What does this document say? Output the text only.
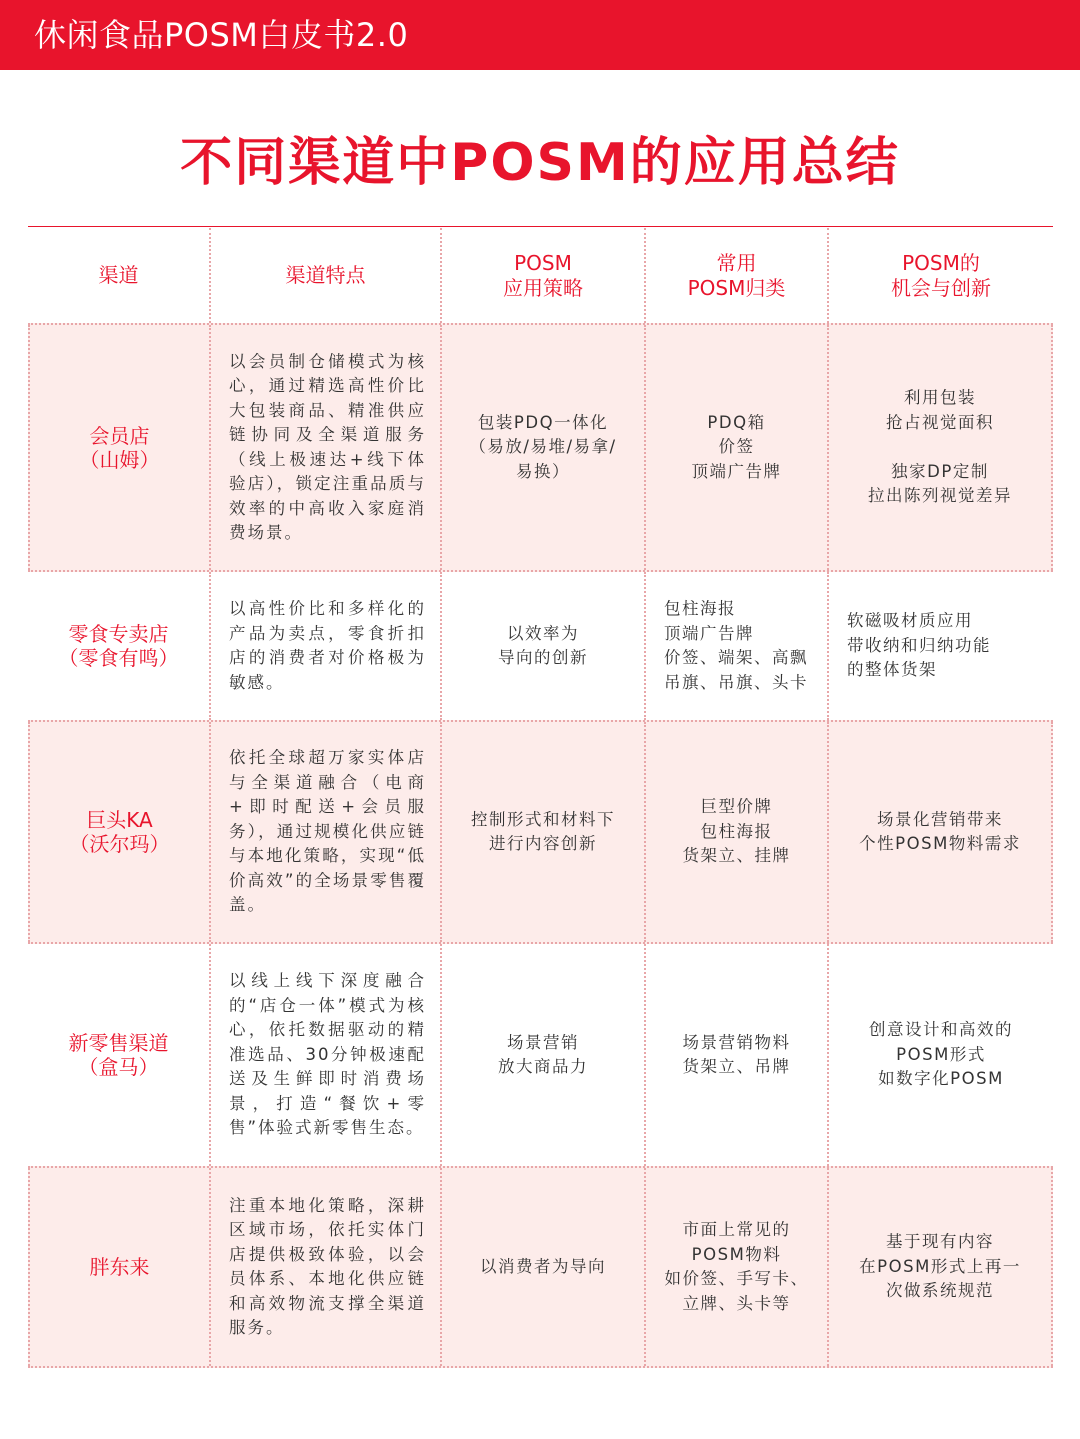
休闲食品POSM白皮书2.0
不同渠道中POSM的应用总结
渠道	渠道特点
POSM
应用策略
常用
POSM归类
POSM的
机会与创新
会员店
（山姆）
以会员制仓储模式为核心，通过精选高性价比大包装商品、精准供应链协同及全渠道服务（线上极速达+线下体验店），锁定注重品质与效率的中高收入家庭消费场景。
包装PDQ一体化
（易放/易堆/易拿/
易换）
PDQ箱
价签
顶端广告牌
利用包装
抢占视觉面积

独家DP定制
拉出陈列视觉差异
零食专卖店
（零食有鸣）
以高性价比和多样化的产品为卖点，零食折扣店的消费者对价格极为敏感。
以效率为
导向的创新
包柱海报
顶端广告牌
价签、端架、高飘
吊旗、吊旗、头卡
软磁吸材质应用
带收纳和归纳功能
的整体货架
巨头KA
（沃尔玛）
依托全球超万家实体店与全渠道融合（电商+即时配送+会员服务），通过规模化供应链与本地化策略，实现“低价高效”的全场景零售覆盖。
控制形式和材料下
进行内容创新
巨型价牌
包柱海报
货架立、挂牌
场景化营销带来
个性POSM物料需求
新零售渠道
（盒马）
以线上线下深度融合的“店仓一体”模式为核心，依托数据驱动的精准选品、30分钟极速配送及生鲜即时消费场景，打造“餐饮+零售”体验式新零售生态。
场景营销
放大商品力
场景营销物料
货架立、吊牌
创意设计和高效的
POSM形式
如数字化POSM
胖东来
注重本地化策略，深耕区域市场，依托实体门店提供极致体验，以会员体系、本地化供应链和高效物流支撑全渠道服务。
以消费者为导向
市面上常见的
POSM物料
如价签、手写卡、
立牌、头卡等
基于现有内容
在POSM形式上再一
次做系统规范
